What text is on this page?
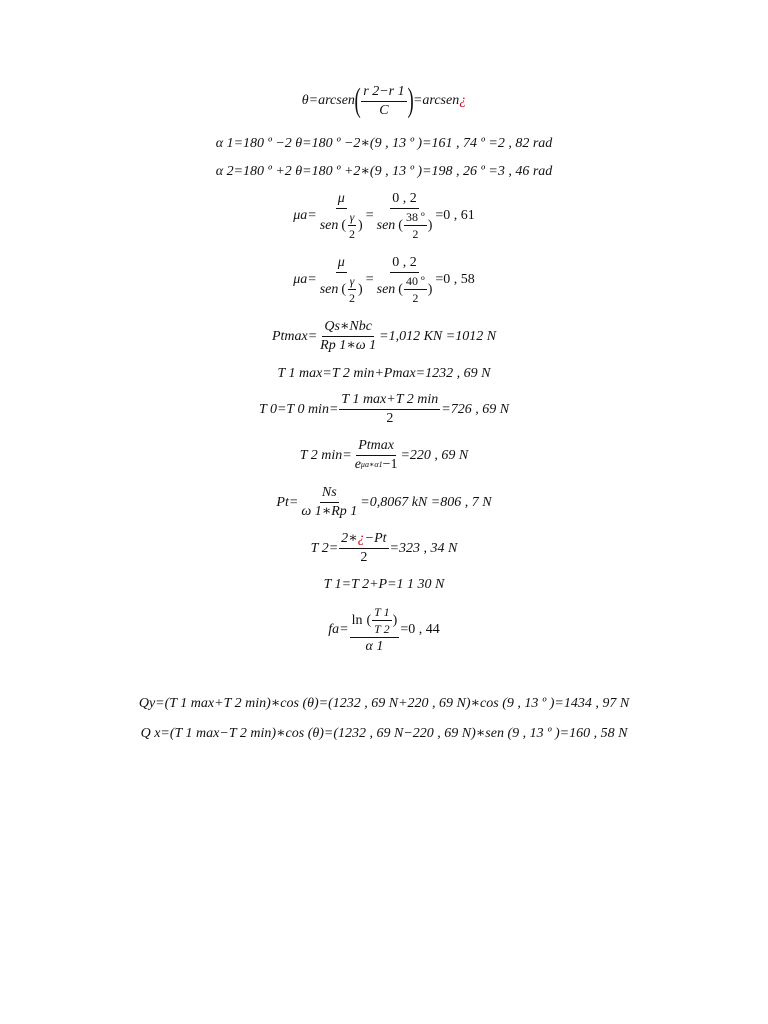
θ=arcsen ( $\frac{r 2-r 1}{C}$ ) =arcsen ¿
α 1=180 º −2 θ=180 º −2∗(9 , 13 º )=161 , 74 º =2 , 82 rad
α 2=180 º +2 θ=180 º +2∗(9 , 13 º )=198 , 26 º =3 , 46 rad
μa=
μ
sen ( $\frac{\gamma}{2}$ )
=
0 , 2
sen ( $\frac{\text{38 º}}{2}$ )
=0 , 61
μa=
μ
sen ( $\frac{\gamma}{2}$ )
=
0 , 2
sen ( $\frac{\text{40 º}}{2}$ )
=0 , 58
$Ptmax= \frac{\text{Qs∗Nbc}}{Rp 1∗\omega 1} =1,012$ KN =1012 N
T 1 max=T 2 min+Pmax=1232 , 69 N
T 0=T 0 $\min= \frac{T 1 \max+T 2 \min}{2} =726$ , 69 N
T 2 $\min= \frac{Ptmax}{\text{e μa∗α1 −1}} =220$ , 69 N
$Pt= \frac{Ns}{\omega 1∗Rp 1} =0,8067$ kN =806 , 7 N
T $2= \frac{2∗ ¿ -Pt}{2} =323$ , 34 N
T 1=T 2+P=1 1 30 N
fa=
ln ( $\frac{T 1}{T 2}$ )
α 1
=0 , 44
Qy=(T 1 max+T 2 min)∗cos (θ)=(1232 , 69 N+220 , 69 N)∗cos (9 , 13 º )=1434 , 97 N
Q x=(T 1 max−T 2 min)∗cos (θ)=(1232 , 69 N−220 , 69 N)∗sen (9 , 13 º )=160 , 58 N
